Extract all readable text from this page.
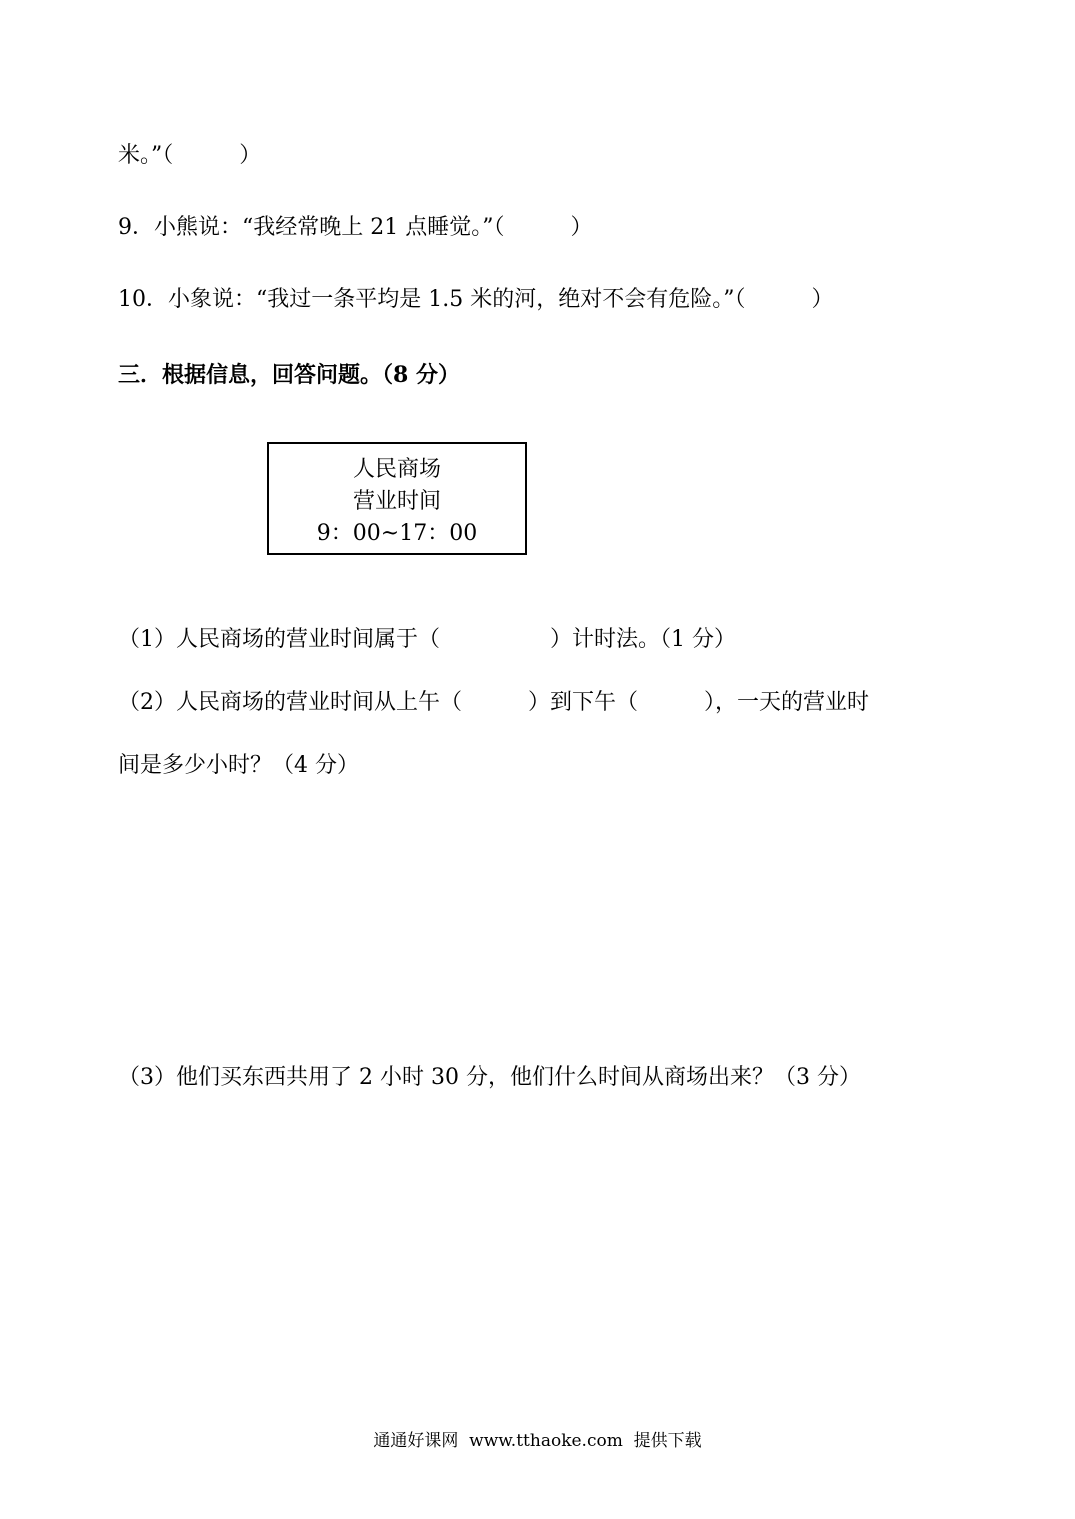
米。”（　　　）
9．小熊说：“我经常晚上 21 点睡觉。”（　　　）
10．小象说：“我过一条平均是 1.5 米的河，绝对不会有危险。”（　　　）
三．根据信息，回答问题。（8 分）
人民商场
营业时间
9：00~17：00
（1）人民商场的营业时间属于（　　　　　）计时法。（1 分）
（2）人民商场的营业时间从上午（　　　）到下午（　　　），一天的营业时
间是多少小时？（4 分）
（3）他们买东西共用了 2 小时 30 分，他们什么时间从商场出来？（3 分）
通通好课网  www.tthaoke.com  提供下载
